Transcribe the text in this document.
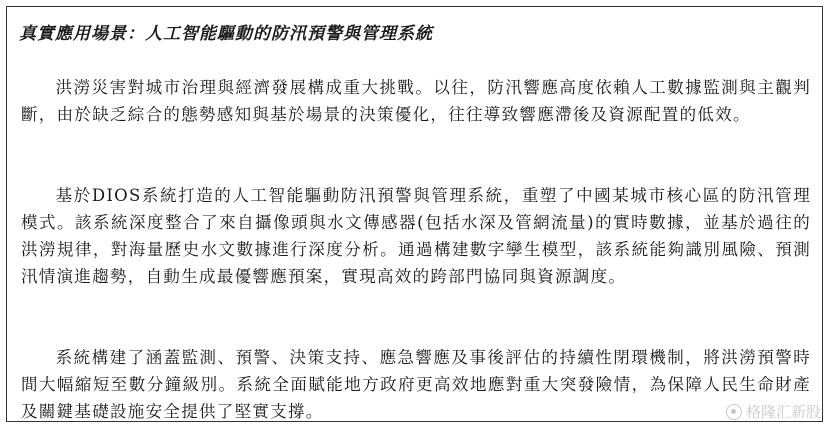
真實應用場景：人工智能驅動的防汛預警與管理系統

洪澇災害對城市治理與經濟發展構成重大挑戰。以往，防汛響應高度依賴人工數據監測與主觀判斷，由於缺乏綜合的態勢感知與基於場景的決策優化，往往導致響應滯後及資源配置的低效。

基於DIOS系統打造的人工智能驅動防汛預警與管理系統，重塑了中國某城市核心區的防汛管理模式。該系統深度整合了來自攝像頭與水文傳感器(包括水深及管網流量)的實時數據，並基於過往的洪澇規律，對海量歷史水文數據進行深度分析。通過構建數字孿生模型，該系統能夠識別風險、預測汛情演進趨勢，自動生成最優響應預案，實現高效的跨部門協同與資源調度。

系統構建了涵蓋監測、預警、決策支持、應急響應及事後評估的持續性閉環機制，將洪澇預警時間大幅縮短至數分鐘級別。系統全面賦能地方政府更高效地應對重大突發險情，為保障人民生命財產及關鍵基礎設施安全提供了堅實支撐。	格隆汇新股
